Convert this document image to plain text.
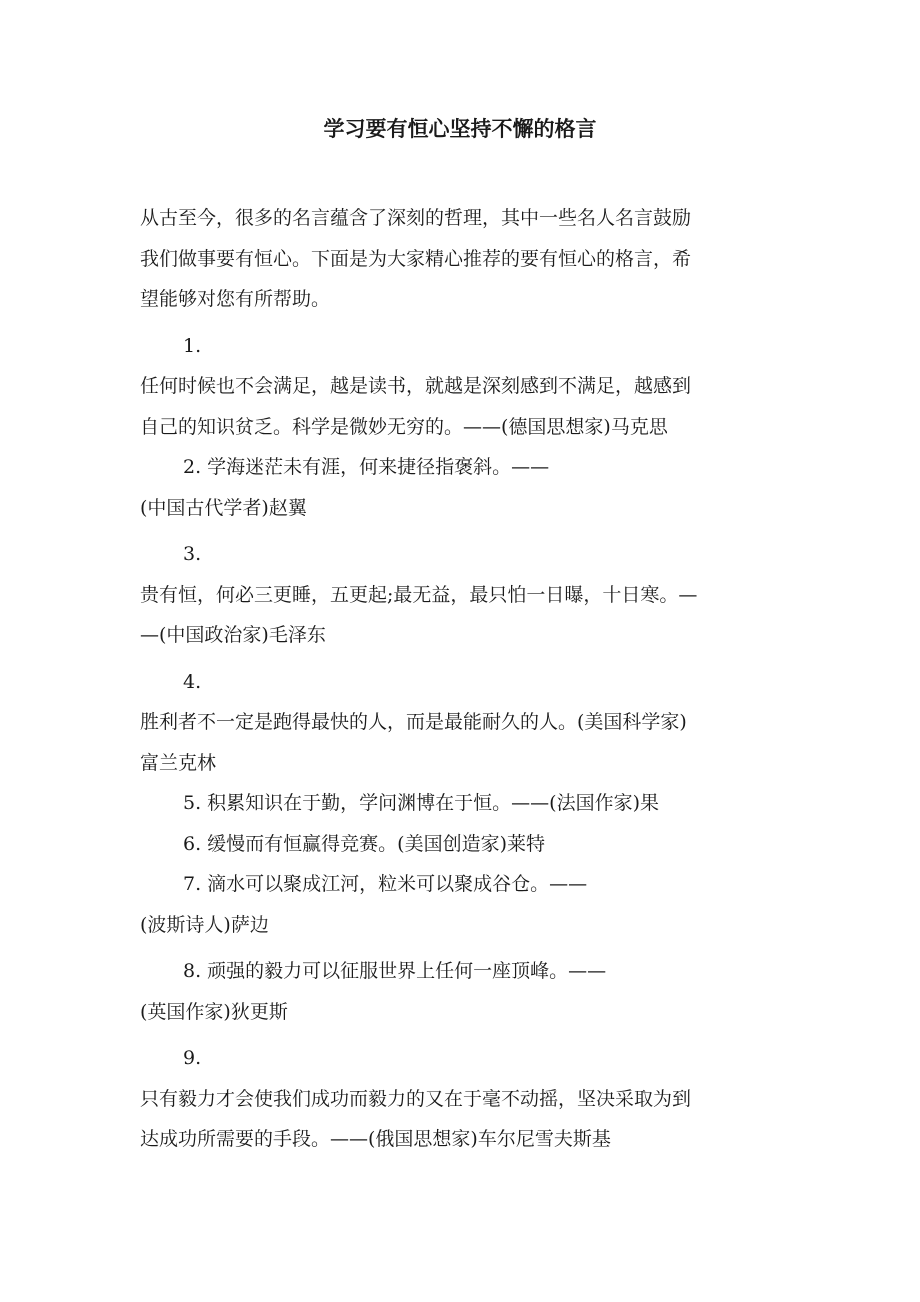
学习要有恒心坚持不懈的格言

从古至今，很多的名言蕴含了深刻的哲理，其中一些名人名言鼓励

我们做事要有恒心。下面是为大家精心推荐的要有恒心的格言，希

望能够对您有所帮助。

1.

任何时候也不会满足，越是读书，就越是深刻感到不满足，越感到

自己的知识贫乏。科学是微妙无穷的。——(德国思想家)马克思

2. 学海迷茫未有涯，何来捷径指褒斜。——

(中国古代学者)赵翼

3.

贵有恒，何必三更睡，五更起;最无益，最只怕一日曝，十日寒。—

—(中国政治家)毛泽东

4.

胜利者不一定是跑得最快的人，而是最能耐久的人。(美国科学家)

富兰克林

5. 积累知识在于勤，学问渊博在于恒。——(法国作家)果

6. 缓慢而有恒赢得竞赛。(美国创造家)莱特

7. 滴水可以聚成江河，粒米可以聚成谷仓。——

(波斯诗人)萨边

8. 顽强的毅力可以征服世界上任何一座顶峰。——

(英国作家)狄更斯

9.

只有毅力才会使我们成功而毅力的又在于毫不动摇，坚决采取为到

达成功所需要的手段。——(俄国思想家)车尔尼雪夫斯基
